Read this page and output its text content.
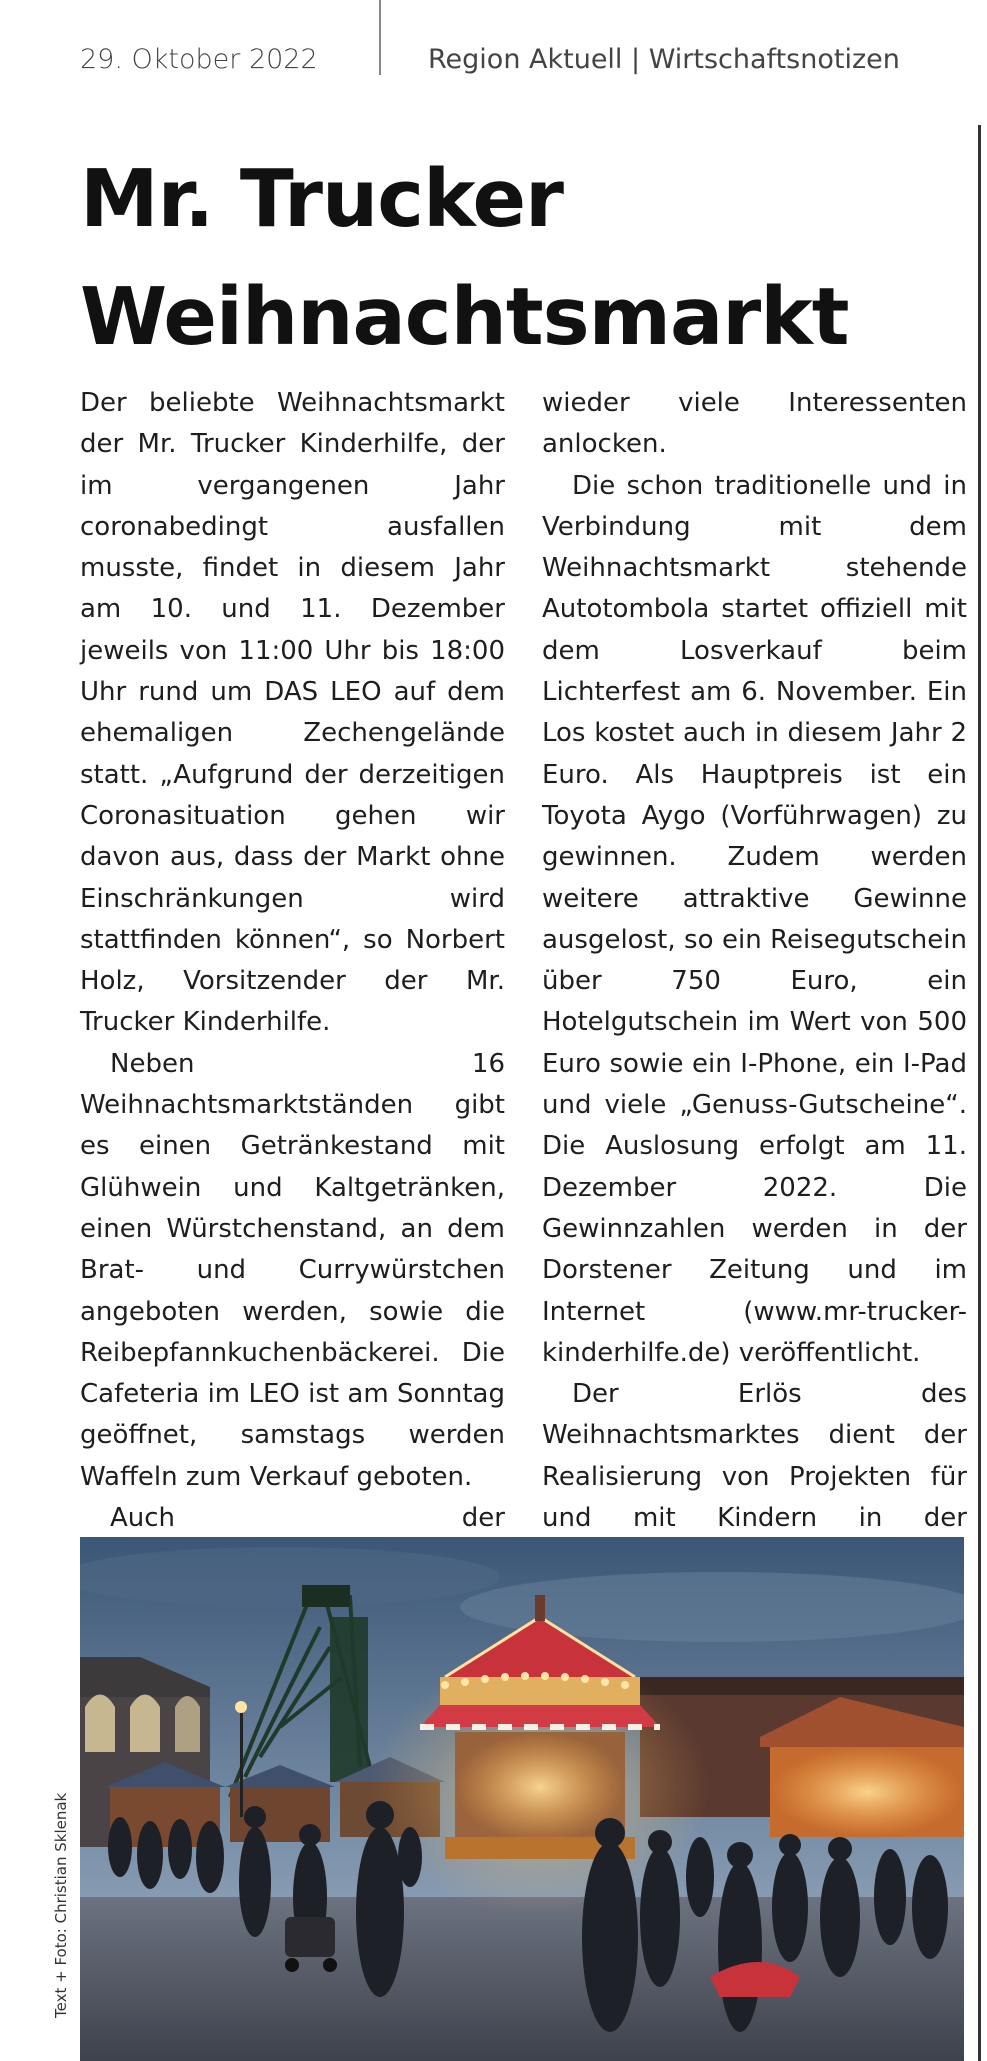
29. Oktober 2022	Region Aktuell | Wirtschaftsnotizen
Mr. Trucker
Weihnachtsmarkt

Der beliebte Weihnachtsmarkt der Mr. Trucker Kinderhilfe, der im vergangenen Jahr coronabedingt ausfallen musste, findet in diesem Jahr am 10. und 11. Dezember jeweils von 11:00 Uhr bis 18:00 Uhr rund um DAS LEO auf dem ehemaligen Zechengelände statt. „Aufgrund der derzeitigen Coronasituation gehen wir davon aus, dass der Markt ohne Einschränkungen wird stattfinden können“, so Norbert Holz, Vorsitzender der Mr. Trucker Kinderhilfe.

Neben 16 Weihnachtsmarktständen gibt es einen Getränkestand mit Glühwein und Kaltgetränken, einen Würstchenstand, an dem Brat- und Currywürstchen angeboten werden, sowie die Reibepfannkuchenbäckerei. Die Cafeteria im LEO ist am Sonntag geöffnet, samstags werden Waffeln zum Verkauf geboten.

Auch der

wieder viele Interessenten anlocken.

Die schon traditionelle und in Verbindung mit dem Weihnachtsmarkt stehende Autotombola startet offiziell mit dem Losverkauf beim Lichterfest am 6. November. Ein Los kostet auch in diesem Jahr 2 Euro. Als Hauptpreis ist ein Toyota Aygo (Vorführwagen) zu gewinnen. Zudem werden weitere attraktive Gewinne ausgelost, so ein Reisegutschein über 750 Euro, ein Hotelgutschein im Wert von 500 Euro sowie ein I-Phone, ein I-Pad und viele „Genuss-Gutscheine“. Die Auslosung erfolgt am 11. Dezember 2022. Die Gewinnzahlen werden in der Dorstener Zeitung und im Internet (www.mr-trucker-kinderhilfe.de) veröffentlicht.

Der Erlös des Weihnachtsmarktes dient der Realisierung von Projekten für und mit Kindern in der

Text + Foto: Christian Sklenak
